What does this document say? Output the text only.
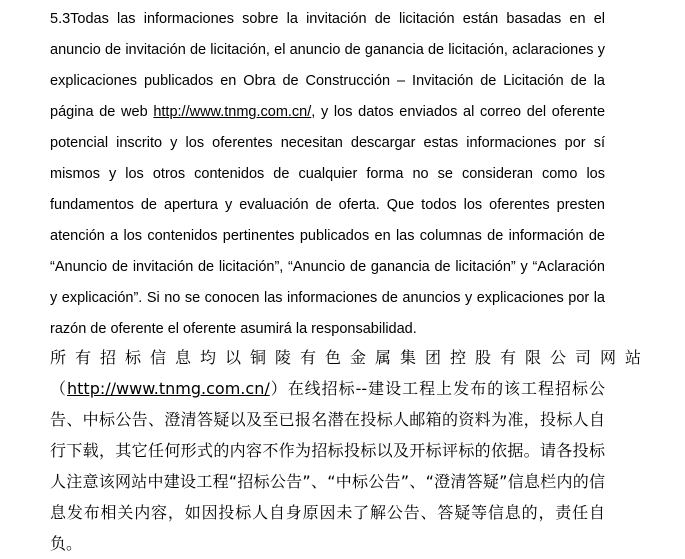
5.3Todas las informaciones sobre la invitación de licitación están basadas en el anuncio de invitación de licitación, el anuncio de ganancia de licitación, aclaraciones y explicaciones publicados en Obra de Construcción – Invitación de Licitación de la página de web http://www.tnmg.com.cn/, y los datos enviados al correo del oferente potencial inscrito y los oferentes necesitan descargar estas informaciones por sí mismos y los otros contenidos de cualquier forma no se consideran como los fundamentos de apertura y evaluación de oferta. Que todos los oferentes presten atención a los contenidos pertinentes publicados en las columnas de información de “Anuncio de invitación de licitación”, “Anuncio de ganancia de licitación” y “Aclaración y explicación”. Si no se conocen las informaciones de anuncios y explicaciones por la razón de oferente el oferente asumirá la responsabilidad.

所有招标信息均以铜陵有色金属集团控股有限公司网站
（http://www.tnmg.com.cn/）在线招标--建设工程上发布的该工程招标公告、中标公告、澄清答疑以及至已报名潜在投标人邮箱的资料为准，投标人自行下载，其它任何形式的内容不作为招标投标以及开标评标的依据。请各投标人注意该网站中建设工程“招标公告”、“中标公告”、“澄清答疑”信息栏内的信息发布相关内容，如因投标人自身原因未了解公告、答疑等信息的，责任自负。
